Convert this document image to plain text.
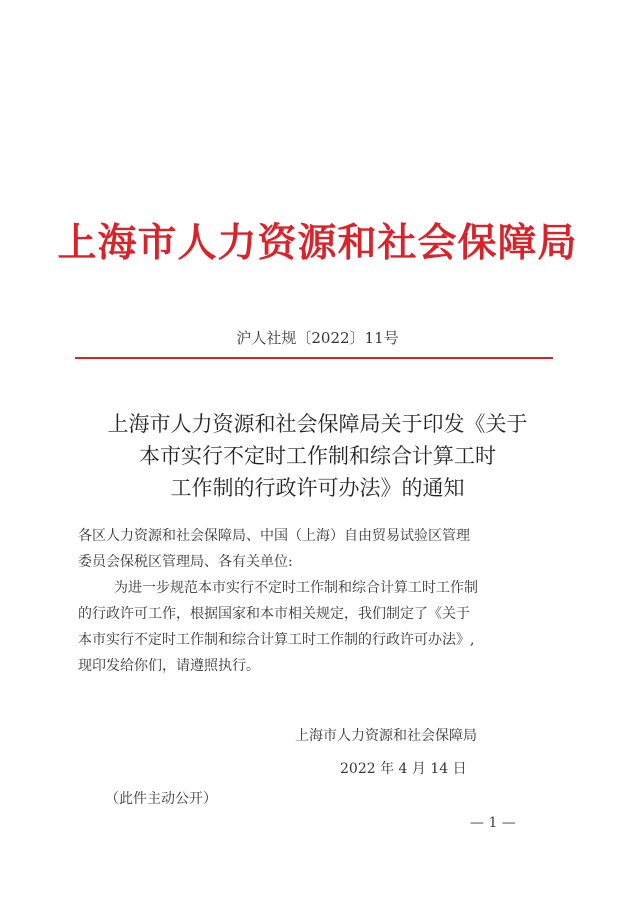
上海市人力资源和社会保障局
沪人社规〔2022〕11号
上海市人力资源和社会保障局关于印发《关于
本市实行不定时工作制和综合计算工时
工作制的行政许可办法》的通知
各区人力资源和社会保障局、中国（上海）自由贸易试验区管理
委员会保税区管理局、各有关单位:
为进一步规范本市实行不定时工作制和综合计算工时工作制
的行政许可工作，根据国家和本市相关规定，我们制定了《关于
本市实行不定时工作制和综合计算工时工作制的行政许可办法》,
现印发给你们，请遵照执行。
上海市人力资源和社会保障局
2022 年 4 月 14 日
（此件主动公开）
— 1 —
